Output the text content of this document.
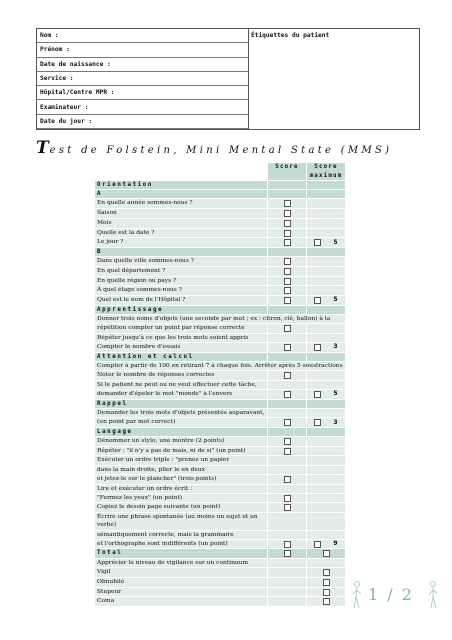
Nom :
Prénom :
Date de naissance :
Service :
Hôpital/Centre MPR :
Examinateur :
Date du jour :
Étiquettes du patient
Test de Folstein, Mini Mental State (MMS)
	Score	Score
maximum
Orientation		
A		
En quelle année sommes-nous ?		
Saison		
Mois		
Quelle est la date ?		
Le jour ?		5
B		
Dans quelle ville sommes-nous ?		
En quel département ?		
En quelle région ou pays ?		
À quel étage sommes-nous ?		
Quel est le nom de l'Hôpital ?		5
Apprentissage		
Donner trois noms d'objets (une seconde par mot ; ex : citron, clé, ballon) à la		
répétition compter un point par réponse correcte		
Répéter jusqu'à ce que les trois mots soient appris		
Compter le nombre d'essais		3
Attention et calcul		
Compter à partir de 100 en retirant 7 à chaque fois. Arrêter après 5 soustractions		
Noter le nombre de réponses correctes		
Si le patient ne peut ou ne veut effectuer cette tâche,		
demander d'épeler le mot "monde" à l'envers		5
Rappel		
Demander les trois mots d'objets présentés auparavant,		
(un point par mot correct)		3
Langage		
Dénommer un stylo, une montre (2 points)		
Répéter : "il n'y a pas de mais, ni de si" (un point)		
Exécuter un ordre triple : "prenez un papier		
dans la main droite, plier le en deux		
et jetez-le sur le plancher" (trois points)		
Lire et exécuter un ordre écrit :		
"Fermez les yeux" (un point)		
Copiez le dessin page suivante (un point)		
Écrire une phrase spontanée (au moins un sujet et un verbe)		
sémantiquement correcte, mais la grammaire		
et l'orthographe sont indifférents (un point)		9
Total		
Apprécier le niveau de vigilance sur un continuum		
Vigil		
Obnubilé		
Stupeur		
Coma			1 / 2
